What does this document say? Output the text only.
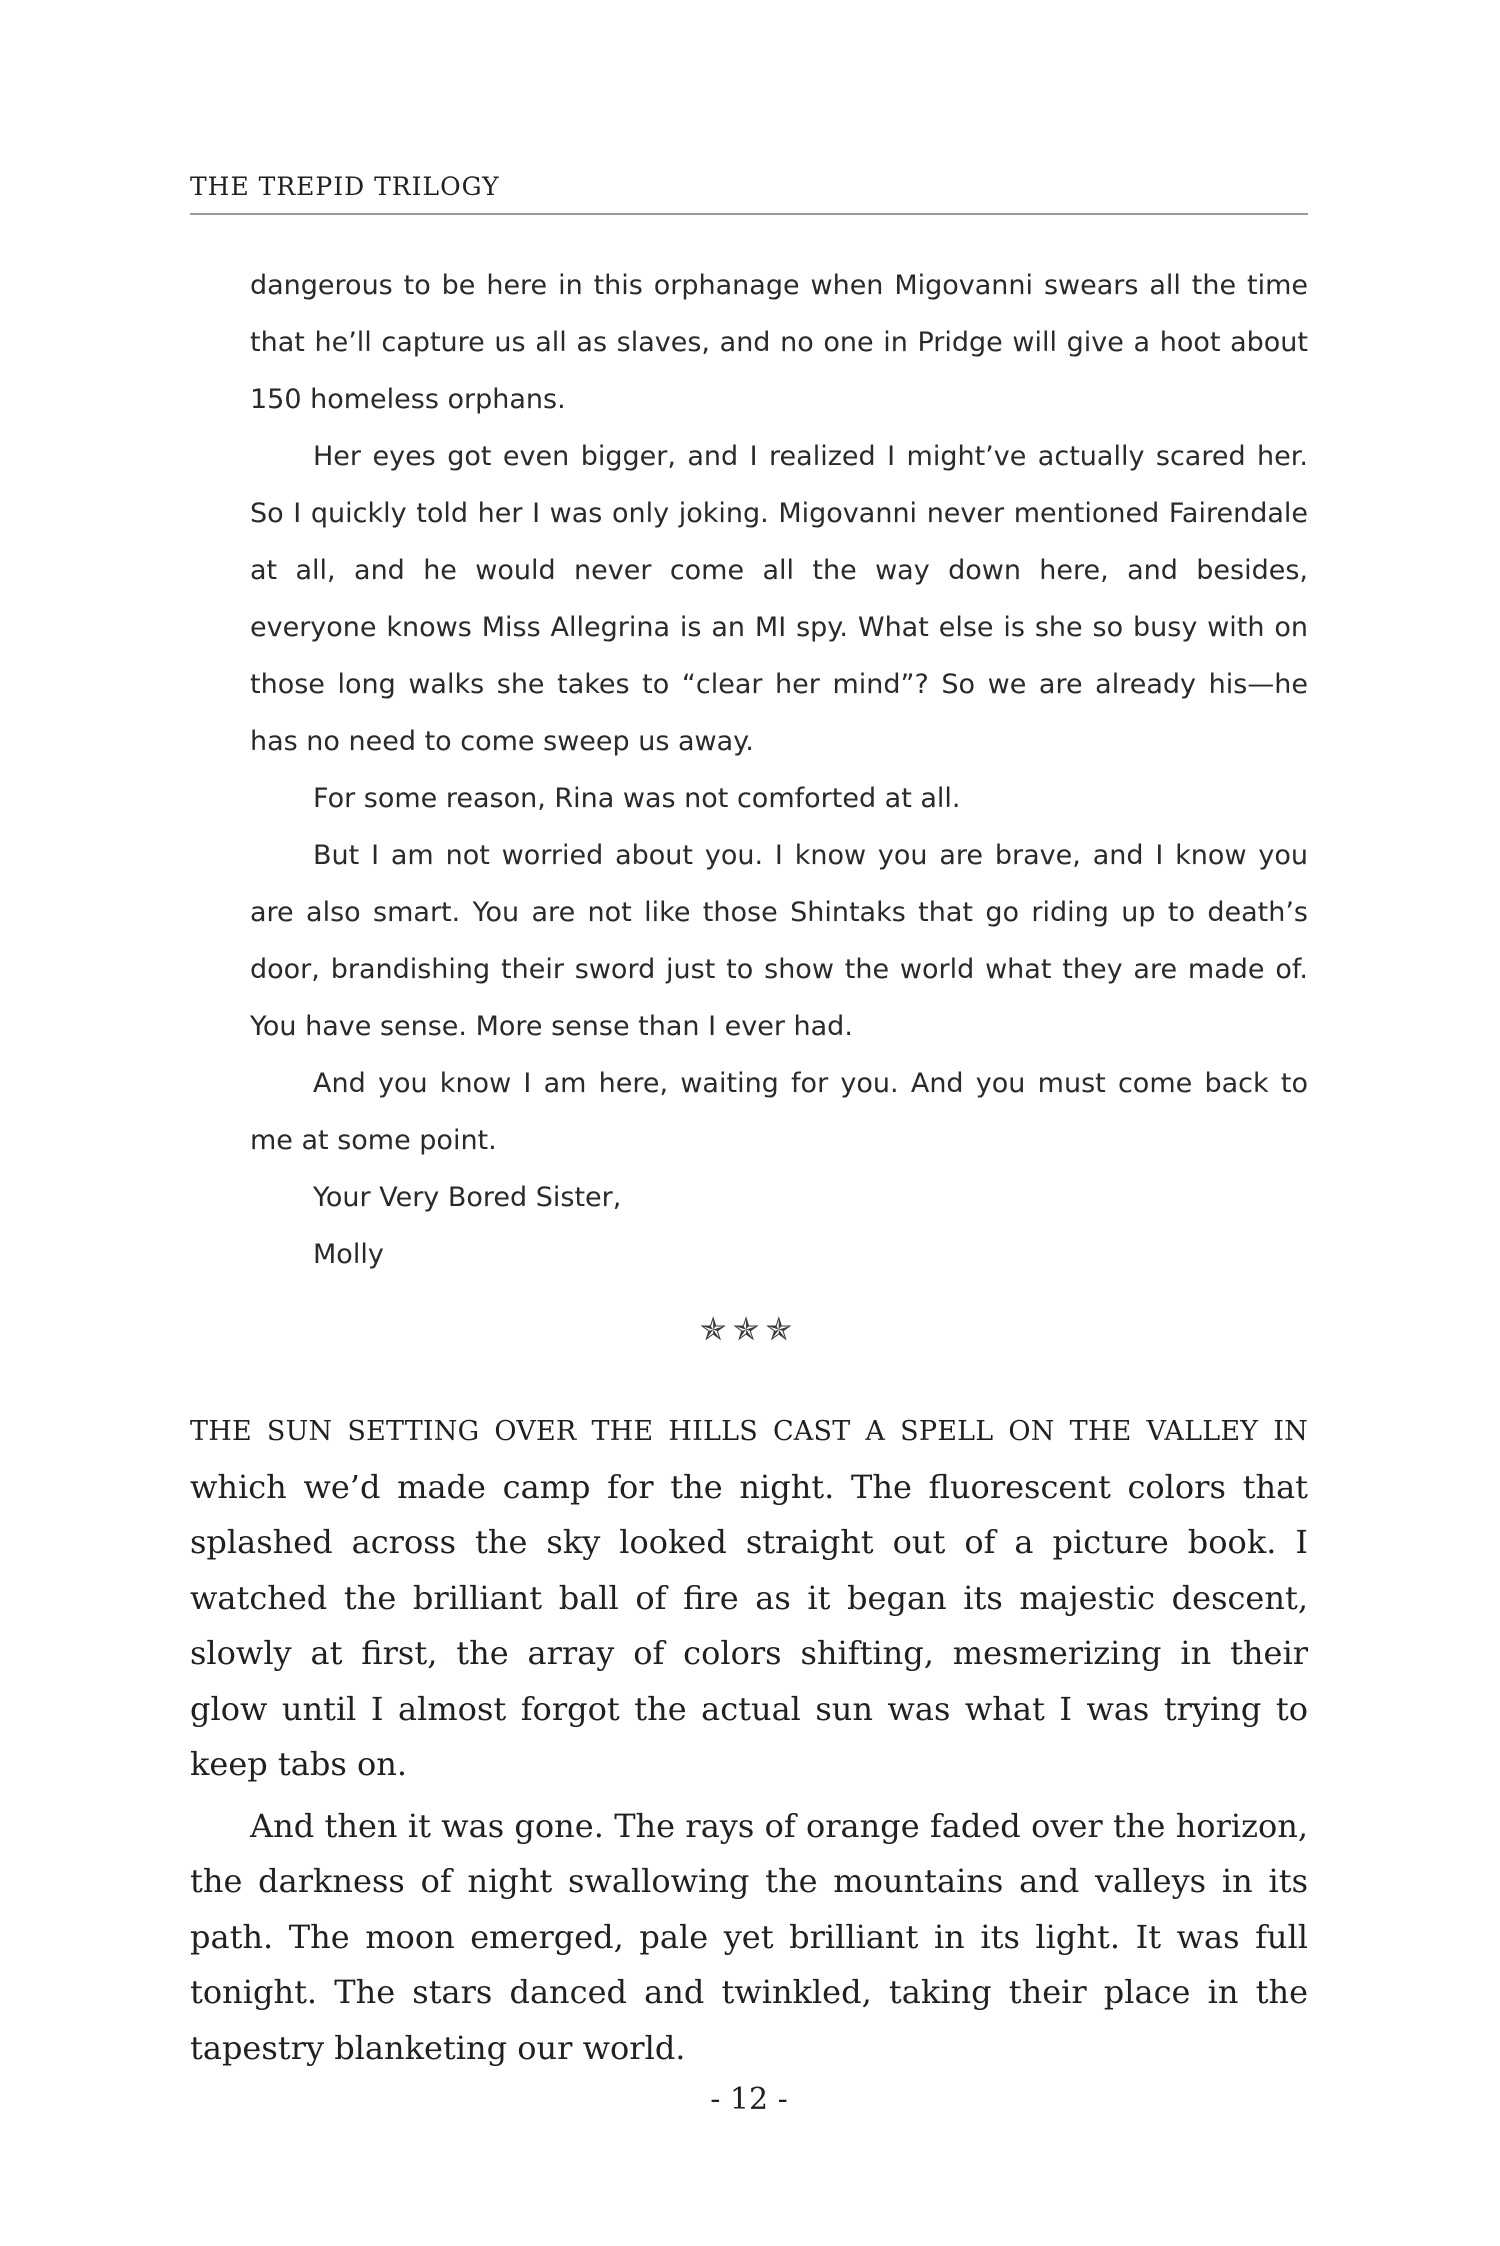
THE TREPID TRILOGY

dangerous to be here in this orphanage when Migovanni swears all the time that he’ll capture us all as slaves, and no one in Pridge will give a hoot about 150 homeless orphans.

Her eyes got even bigger, and I realized I might’ve actually scared her. So I quickly told her I was only joking. Migovanni never mentioned Fairendale at all, and he would never come all the way down here, and besides, everyone knows Miss Allegrina is an MI spy. What else is she so busy with on those long walks she takes to “clear her mind”? So we are already his—he has no need to come sweep us away.

For some reason, Rina was not comforted at all.

But I am not worried about you. I know you are brave, and I know you are also smart. You are not like those Shintaks that go riding up to death’s door, brandishing their sword just to show the world what they are made of. You have sense. More sense than I ever had.

And you know I am here, waiting for you. And you must come back to me at some point.

Your Very Bored Sister,

Molly

✯✯✯

THE SUN SETTING OVER THE HILLS CAST A SPELL ON THE VALLEY IN which we’d made camp for the night. The fluorescent colors that splashed across the sky looked straight out of a picture book. I watched the brilliant ball of fire as it began its majestic descent, slowly at first, the array of colors shifting, mesmerizing in their glow until I almost forgot the actual sun was what I was trying to keep tabs on.

And then it was gone. The rays of orange faded over the horizon, the darkness of night swallowing the mountains and valleys in its path. The moon emerged, pale yet brilliant in its light. It was full tonight. The stars danced and twinkled, taking their place in the tapestry blanketing our world.

- 12 -
